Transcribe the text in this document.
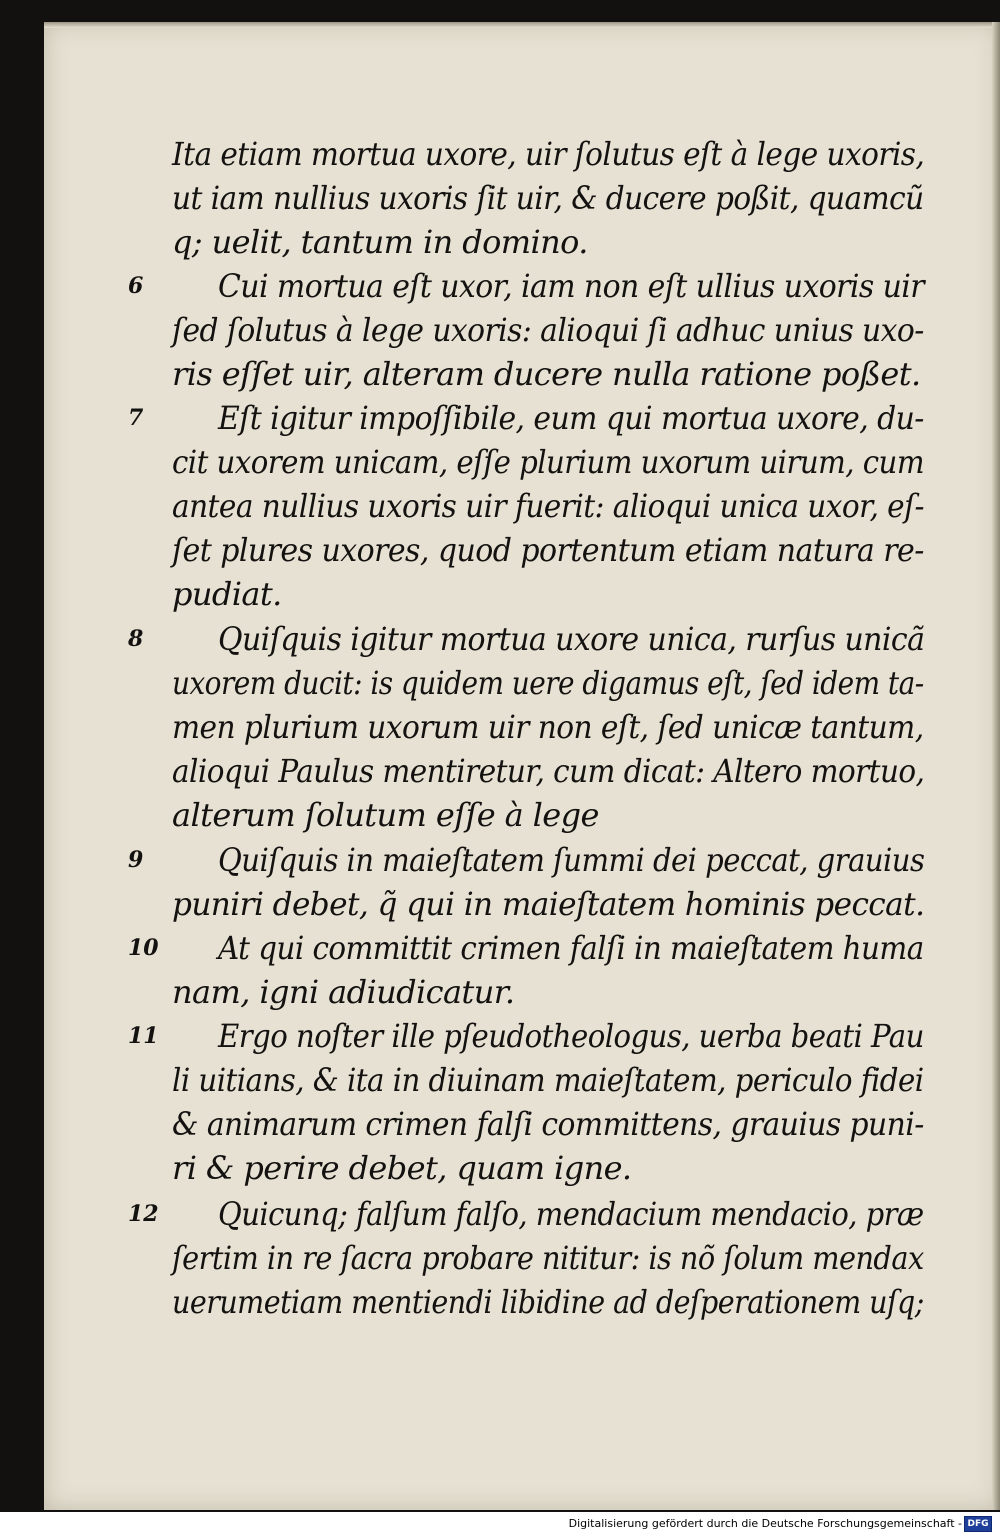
Ita etiam mortua uxore, uir ſolutus eſt à lege uxoris,
ut iam nullius uxoris ſit uir, & ducere poßit, quamcũ
q; uelit, tantum in domino.
6	Cui mortua eſt uxor, iam non eſt ullius uxoris uir
ſed ſolutus à lege uxoris: alioqui ſi adhuc unius uxo-
ris eſſet uir, alteram ducere nulla ratione poßet.
7	Eſt igitur impoſſibile, eum qui mortua uxore, du-
cit uxorem unicam, eſſe plurium uxorum uirum, cum
antea nullius uxoris uir fuerit: alioqui unica uxor, eſ-
ſet plures uxores, quod portentum etiam natura re-
pudiat.
8	Quiſquis igitur mortua uxore unica, rurſus unicã
uxorem ducit: is quidem uere digamus eſt, ſed idem ta-
men plurium uxorum uir non eſt, ſed unicæ tantum,
alioqui Paulus mentiretur, cum dicat: Altero mortuo,
alterum ſolutum eſſe à lege
9	Quiſquis in maieſtatem ſummi dei peccat, grauius
puniri debet, q̃ qui in maieſtatem hominis peccat.
10	At qui committit crimen falſi in maieſtatem huma
nam, igni adiudicatur.
11	Ergo noſter ille pſeudotheologus, uerba beati Pau
li uitians, & ita in diuinam maieſtatem, periculo fidei
& animarum crimen falſi committens, grauius puni-
ri & perire debet, quam igne.
12	Quicunq; falſum falſo, mendacium mendacio, præ
ſertim in re ſacra probare nititur: is nõ ſolum mendax
uerumetiam mentiendi libidine ad deſperationem uſq;
Digitalisierung gefördert durch die Deutsche Forschungsgemeinschaft - DFG
